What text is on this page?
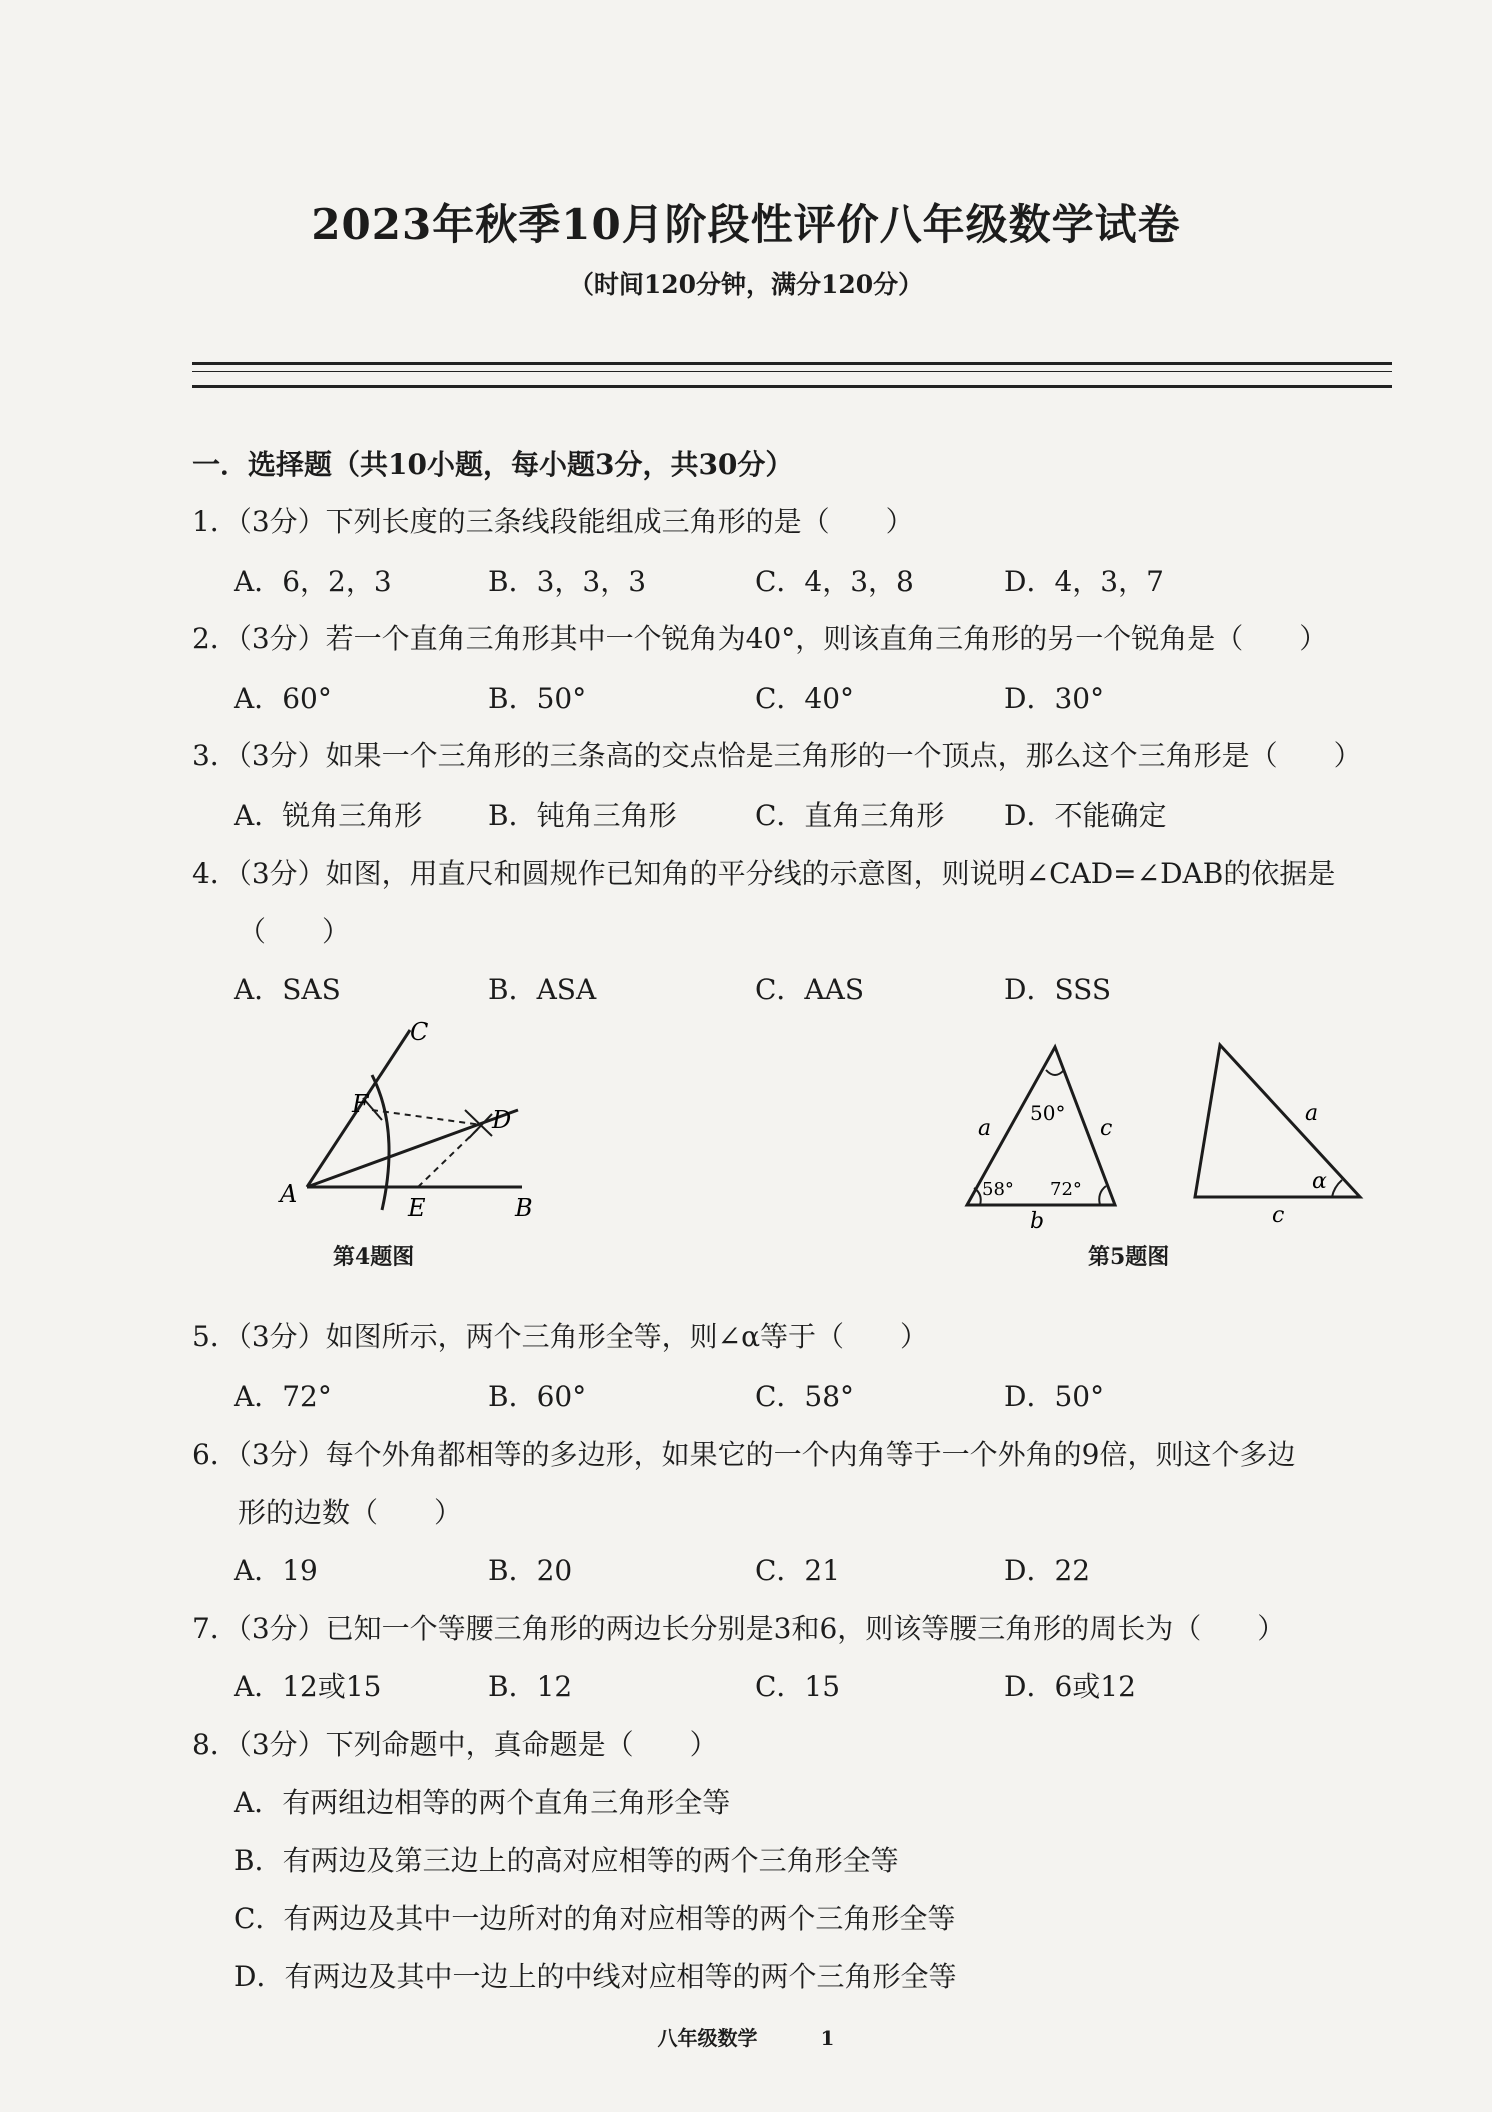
2023年秋季10月阶段性评价八年级数学试卷
（时间120分钟，满分120分）
一．选择题（共10小题，每小题3分，共30分）
1．（3分）下列长度的三条线段能组成三角形的是（　　）
A．6，2，3	B．3，3，3	C．4，3，8	D．4，3，7
2．（3分）若一个直角三角形其中一个锐角为40°，则该直角三角形的另一个锐角是（　　）
A．60°	B．50°	C．40°	D．30°
3．（3分）如果一个三角形的三条高的交点恰是三角形的一个顶点，那么这个三角形是（　　）
A．锐角三角形 B．钝角三角形	C．直角三角形 D．不能确定
4．（3分）如图，用直尺和圆规作已知角的平分线的示意图，则说明∠CAD=∠DAB的依据是
（　　）
A．SAS	B．ASA	C．AAS	D．SSS
C
F
D
A	E	B
第4题图
50°
58° 72°
a	c
b
a
α
c
第5题图
5．（3分）如图所示，两个三角形全等，则∠α等于（　　）
A．72°	B．60°	C．58°	D．50°
6．（3分）每个外角都相等的多边形，如果它的一个内角等于一个外角的9倍，则这个多边
形的边数（　　）
A．19	B．20	C．21	D．22
7．（3分）已知一个等腰三角形的两边长分别是3和6，则该等腰三角形的周长为（　　）
A．12或15	B．12	C．15	D．6或12
8．（3分）下列命题中，真命题是（　　）
A．有两组边相等的两个直角三角形全等
B．有两边及第三边上的高对应相等的两个三角形全等
C．有两边及其中一边所对的角对应相等的两个三角形全等
D．有两边及其中一边上的中线对应相等的两个三角形全等
八年级数学	1
